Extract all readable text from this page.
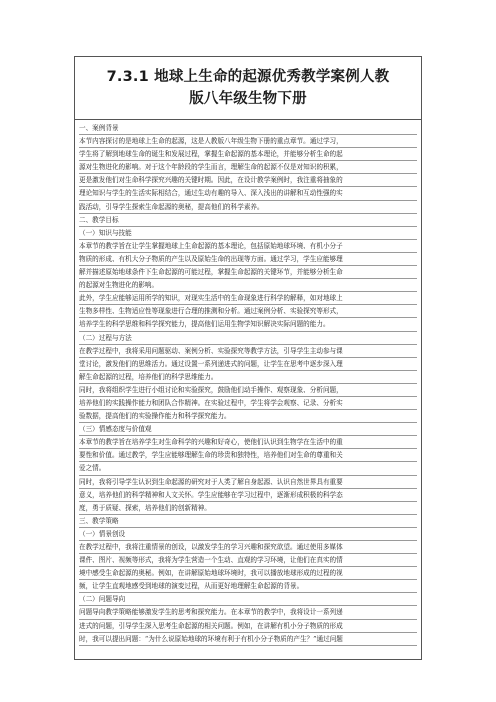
7.3.1 地球上生命的起源优秀教学案例人教
版八年级生物下册

一、案例背景

本节内容探讨的是地球上生命的起源，这是人教版八年级生物下册的重点章节。通过学习，

学生将了解到地球生命的诞生和发展过程，掌握生命起源的基本理论，并能够分析生命的起

源对生物进化的影响。对于这个年龄段的学生而言，理解生命的起源不仅是对知识的积累，

更是激发他们对生命科学探究兴趣的关键时期。因此，在设计教学案例时，我注重将抽象的

理论知识与学生的生活实际相结合，通过生动有趣的导入、深入浅出的讲解和互动性强的实

践活动，引导学生探索生命起源的奥秘，提高他们的科学素养。

二、教学目标

（一）知识与技能

本章节的教学旨在让学生掌握地球上生命起源的基本理论，包括原始地球环境、有机小分子

物质的形成、有机大分子物质的产生以及原始生命的出现等方面。通过学习，学生应能够理

解并描述原始地球条件下生命起源的可能过程，掌握生命起源的关键环节，并能够分析生命

的起源对生物进化的影响。

此外，学生应能够运用所学的知识，对现实生活中的生命现象进行科学的解释，如对地球上

生物多样性、生物适应性等现象进行合理的推测和分析。通过案例分析、实验探究等形式，

培养学生的科学思维和科学探究能力，提高他们运用生物学知识解决实际问题的能力。

（二）过程与方法

在教学过程中，我将采用问题驱动、案例分析、实验探究等教学方法，引导学生主动参与课

堂讨论，激发他们的思维活力。通过设置一系列递进式的问题，让学生在思考中逐步深入理

解生命起源的过程，培养他们的科学思维能力。

同时，我将组织学生进行小组讨论和实验探究，鼓励他们动手操作、观察现象、分析问题，

培养他们的实践操作能力和团队合作精神。在实验过程中，学生将学会观察、记录、分析实

验数据，提高他们的实验操作能力和科学探究能力。

（三）情感态度与价值观

本章节的教学旨在培养学生对生命科学的兴趣和好奇心，使他们认识到生物学在生活中的重

要性和价值。通过教学，学生应能够理解生命的珍贵和独特性，培养他们对生命的尊重和关

爱之情。

同时，我将引导学生认识到生命起源的研究对于人类了解自身起源、认识自然世界具有重要

意义，培养他们的科学精神和人文关怀。学生应能够在学习过程中，逐渐形成积极的科学态

度，勇于质疑、探索，培养他们的创新精神。

三、教学策略

（一）情景创设

在教学过程中，我将注重情景的创设，以激发学生的学习兴趣和探究欲望。通过使用多媒体

课件、图片、视频等形式，我将为学生营造一个生动、直观的学习环境，让他们在真实的情

境中感受生命起源的奥秘。例如，在讲解原始地球环境时，我可以播放地球形成的过程的视

频，让学生直观地感受到地球的演变过程，从而更好地理解生命起源的背景。

（二）问题导向

问题导向教学策略能够激发学生的思考和探究能力。在本章节的教学中，我将设计一系列递

进式的问题，引导学生深入思考生命起源的相关问题。例如，在讲解有机小分子物质的形成

时，我可以提出问题：“为什么说原始地球的环境有利于有机小分子物质的产生？”通过问题
